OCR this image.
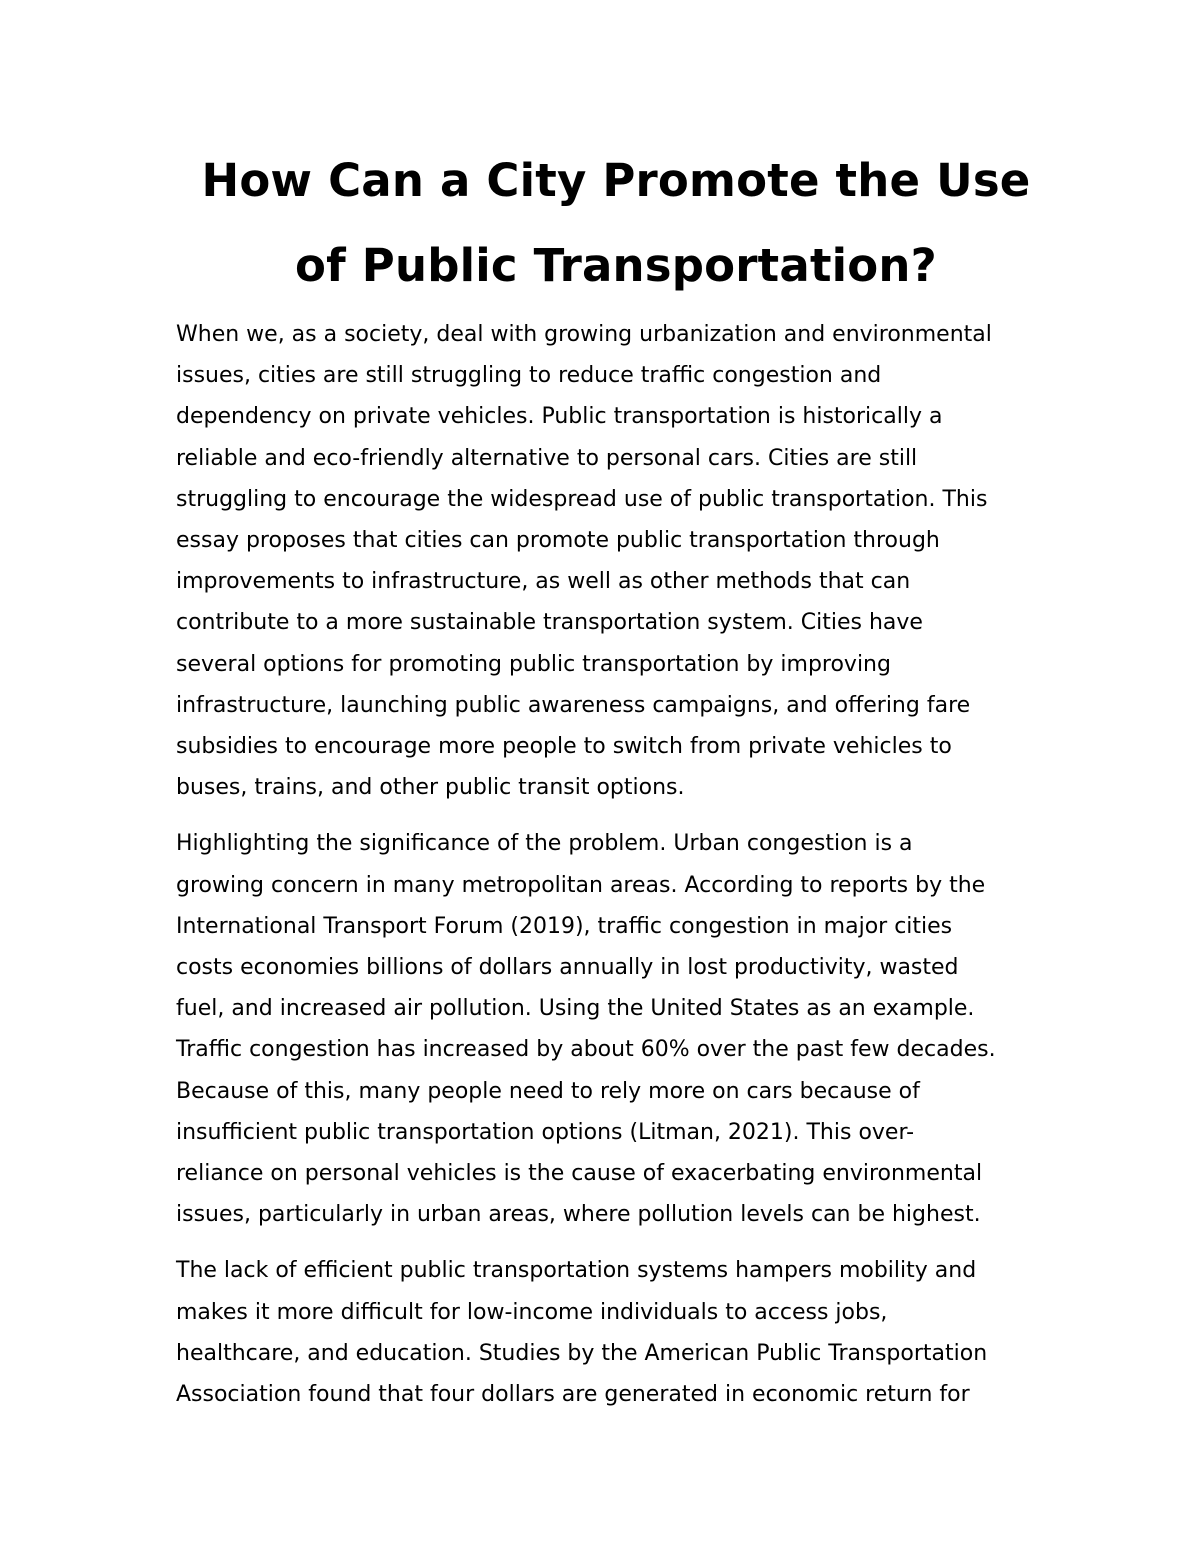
How Can a City Promote the Use
of Public Transportation?

When we, as a society, deal with growing urbanization and environmental
issues, cities are still struggling to reduce traffic congestion and
dependency on private vehicles. Public transportation is historically a
reliable and eco-friendly alternative to personal cars. Cities are still
struggling to encourage the widespread use of public transportation. This
essay proposes that cities can promote public transportation through
improvements to infrastructure, as well as other methods that can
contribute to a more sustainable transportation system. Cities have
several options for promoting public transportation by improving
infrastructure, launching public awareness campaigns, and offering fare
subsidies to encourage more people to switch from private vehicles to
buses, trains, and other public transit options.

Highlighting the significance of the problem. Urban congestion is a
growing concern in many metropolitan areas. According to reports by the
International Transport Forum (2019), traffic congestion in major cities
costs economies billions of dollars annually in lost productivity, wasted
fuel, and increased air pollution. Using the United States as an example.
Traffic congestion has increased by about 60% over the past few decades.
Because of this, many people need to rely more on cars because of
insufficient public transportation options (Litman, 2021). This over-
reliance on personal vehicles is the cause of exacerbating environmental
issues, particularly in urban areas, where pollution levels can be highest.

The lack of efficient public transportation systems hampers mobility and
makes it more difficult for low-income individuals to access jobs,
healthcare, and education. Studies by the American Public Transportation
Association found that four dollars are generated in economic return for
